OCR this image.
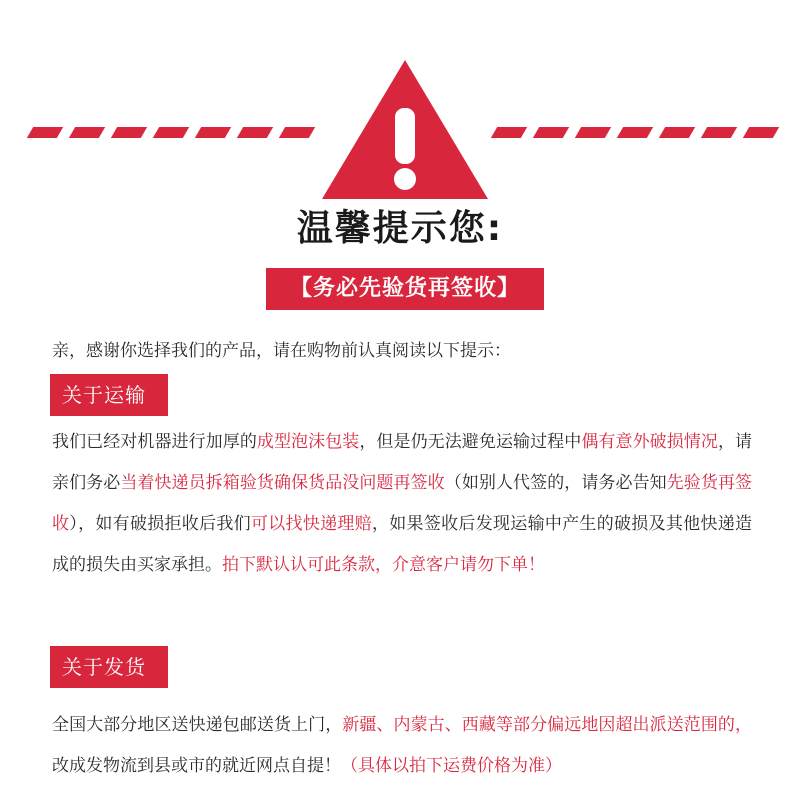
温馨提示您:
【务必先验货再签收】
亲，感谢你选择我们的产品，请在购物前认真阅读以下提示：
关于运输
我们已经对机器进行加厚的成型泡沫包装，但是仍无法避免运输过程中偶有意外破损情况，请亲们务必当着快递员拆箱验货确保货品没问题再签收（如别人代签的，请务必告知先验货再签收），如有破损拒收后我们可以找快递理赔，如果签收后发现运输中产生的破损及其他快递造成的损失由买家承担。拍下默认认可此条款，介意客户请勿下单！
关于发货
全国大部分地区送快递包邮送货上门，新疆、内蒙古、西藏等部分偏远地因超出派送范围的，改成发物流到县或市的就近网点自提！（具体以拍下运费价格为准）
